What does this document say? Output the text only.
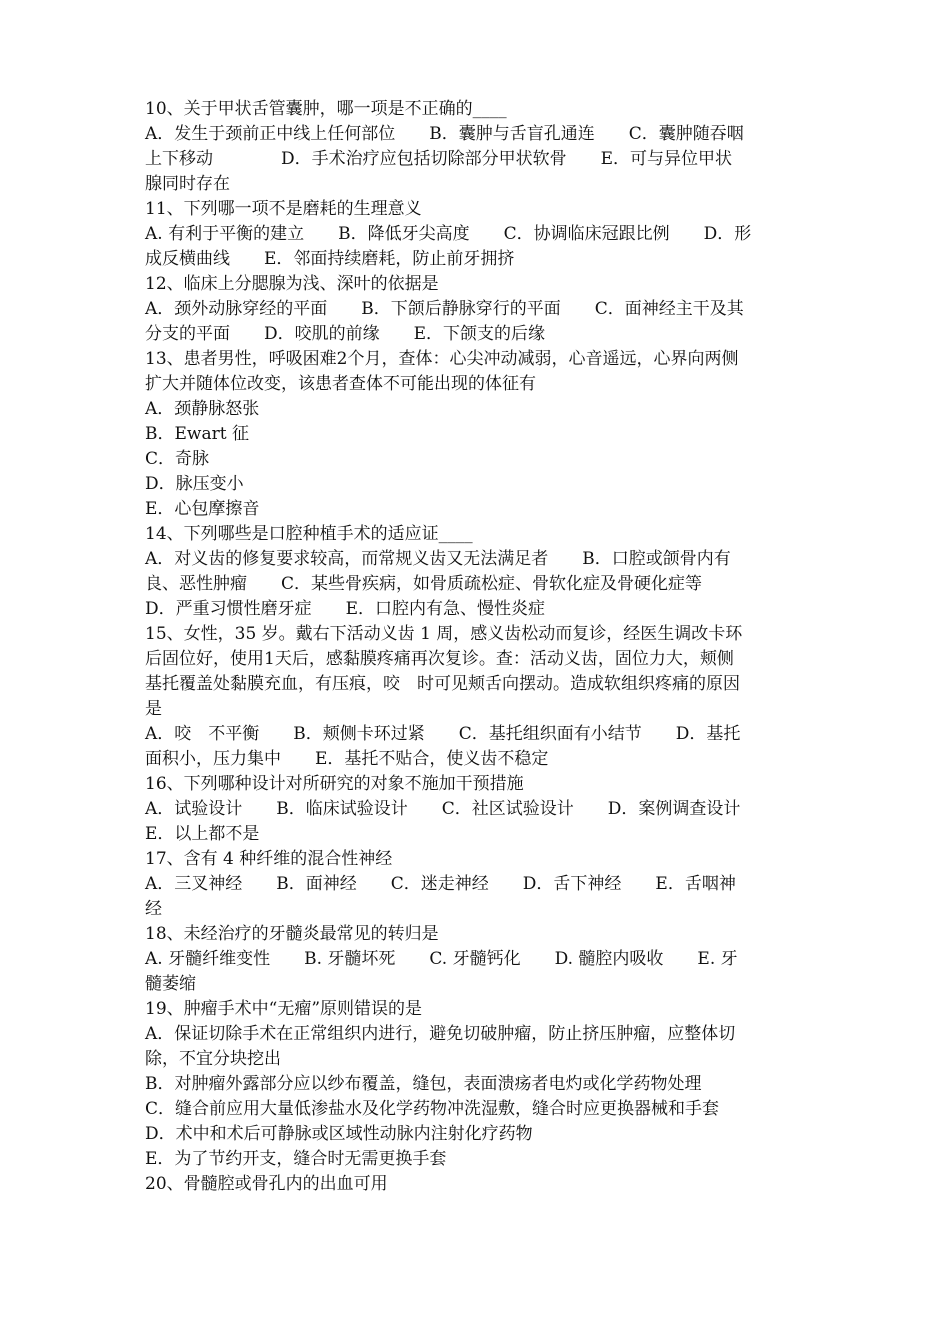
10、关于甲状舌管囊肿，哪一项是不正确的____
A．发生于颈前正中线上任何部位　　B．囊肿与舌盲孔通连　　C．囊肿随吞咽
上下移动　　　　D．手术治疗应包括切除部分甲状软骨　　E．可与异位甲状
腺同时存在
11、下列哪一项不是磨耗的生理意义
A. 有利于平衡的建立　　B．降低牙尖高度　　C．协调临床冠跟比例　　D．形
成反横曲线　　E．邻面持续磨耗，防止前牙拥挤
12、临床上分腮腺为浅、深叶的依据是
A．颈外动脉穿经的平面　　B．下颌后静脉穿行的平面　　C．面神经主干及其
分支的平面　　D．咬肌的前缘　　E．下颌支的后缘
13、患者男性，呼吸困难2个月，查体：心尖冲动减弱，心音遥远，心界向两侧
扩大并随体位改变，该患者查体不可能出现的体征有
A．颈静脉怒张
B．Ewart 征
C．奇脉
D．脉压变小
E．心包摩擦音
14、下列哪些是口腔种植手术的适应证____
A．对义齿的修复要求较高，而常规义齿又无法满足者　　B．口腔或颌骨内有
良、恶性肿瘤　　C．某些骨疾病，如骨质疏松症、骨软化症及骨硬化症等
D．严重习惯性磨牙症　　E．口腔内有急、慢性炎症
15、女性，35 岁。戴右下活动义齿 1 周，感义齿松动而复诊，经医生调改卡环
后固位好，使用1天后，感黏膜疼痛再次复诊。查：活动义齿，固位力大，颊侧
基托覆盖处黏膜充血，有压痕，咬　时可见颊舌向摆动。造成软组织疼痛的原因
是
A．咬　不平衡　　B．颊侧卡环过紧　　C．基托组织面有小结节　　D．基托
面积小，压力集中　　E．基托不贴合，使义齿不稳定
16、下列哪种设计对所研究的对象不施加干预措施
A．试验设计　　B．临床试验设计　　C．社区试验设计　　D．案例调查设计
E．以上都不是
17、含有 4 种纤维的混合性神经
A．三叉神经　　B．面神经　　C．迷走神经　　D．舌下神经　　E．舌咽神
经
18、未经治疗的牙髓炎最常见的转归是
A. 牙髓纤维变性　　B. 牙髓坏死　　C. 牙髓钙化　　D. 髓腔内吸收　　E. 牙
髓萎缩
19、肿瘤手术中“无瘤”原则错误的是
A．保证切除手术在正常组织内进行，避免切破肿瘤，防止挤压肿瘤，应整体切
除，不宜分块挖出
B．对肿瘤外露部分应以纱布覆盖，缝包，表面溃疡者电灼或化学药物处理
C．缝合前应用大量低渗盐水及化学药物冲洗湿敷，缝合时应更换器械和手套
D．术中和术后可静脉或区域性动脉内注射化疗药物
E．为了节约开支，缝合时无需更换手套
20、骨髓腔或骨孔内的出血可用
